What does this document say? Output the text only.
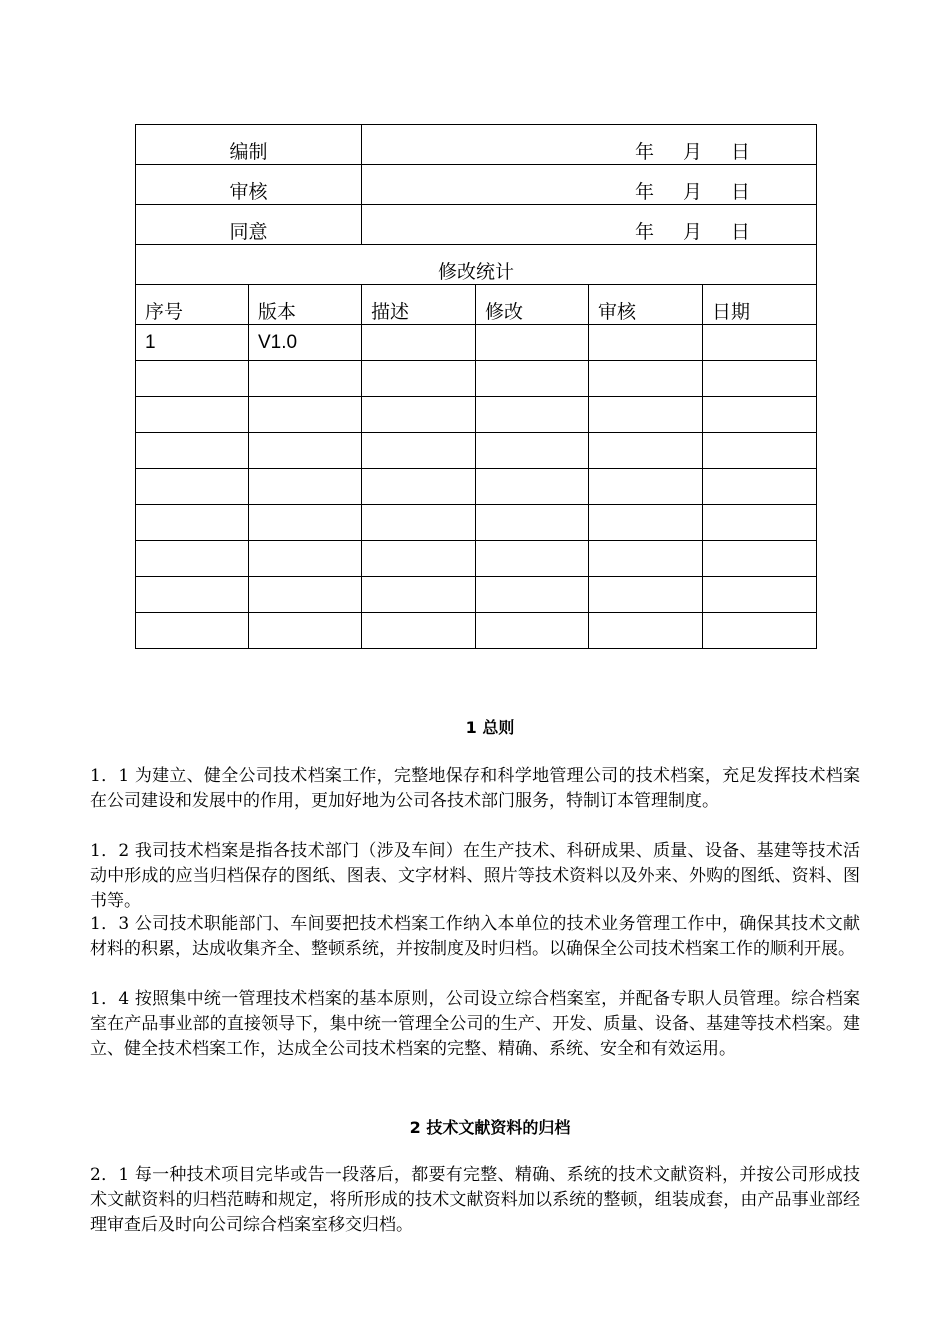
编制		年 月 日			

审核		年 月 日			

同意		年 月 日			

修改统计					
序号	版本	描述	修改	审核	日期
1	V1.0				

1 总则

1．1 为建立、健全公司技术档案工作，完整地保存和科学地管理公司的技术档案，充足发挥技术档案在公司建设和发展中的作用，更加好地为公司各技术部门服务，特制订本管理制度。

1．2 我司技术档案是指各技术部门（涉及车间）在生产技术、科研成果、质量、设备、基建等技术活动中形成的应当归档保存的图纸、图表、文字材料、照片等技术资料以及外来、外购的图纸、资料、图书等。

1．3 公司技术职能部门、车间要把技术档案工作纳入本单位的技术业务管理工作中，确保其技术文献材料的积累，达成收集齐全、整顿系统，并按制度及时归档。以确保全公司技术档案工作的顺利开展。

1．4 按照集中统一管理技术档案的基本原则，公司设立综合档案室，并配备专职人员管理。综合档案室在产品事业部的直接领导下，集中统一管理全公司的生产、开发、质量、设备、基建等技术档案。建立、健全技术档案工作，达成全公司技术档案的完整、精确、系统、安全和有效运用。

2 技术文献资料的归档

2．1 每一种技术项目完毕或告一段落后，都要有完整、精确、系统的技术文献资料，并按公司形成技术文献资料的归档范畴和规定，将所形成的技术文献资料加以系统的整顿，组装成套，由产品事业部经理审查后及时向公司综合档案室移交归档。
